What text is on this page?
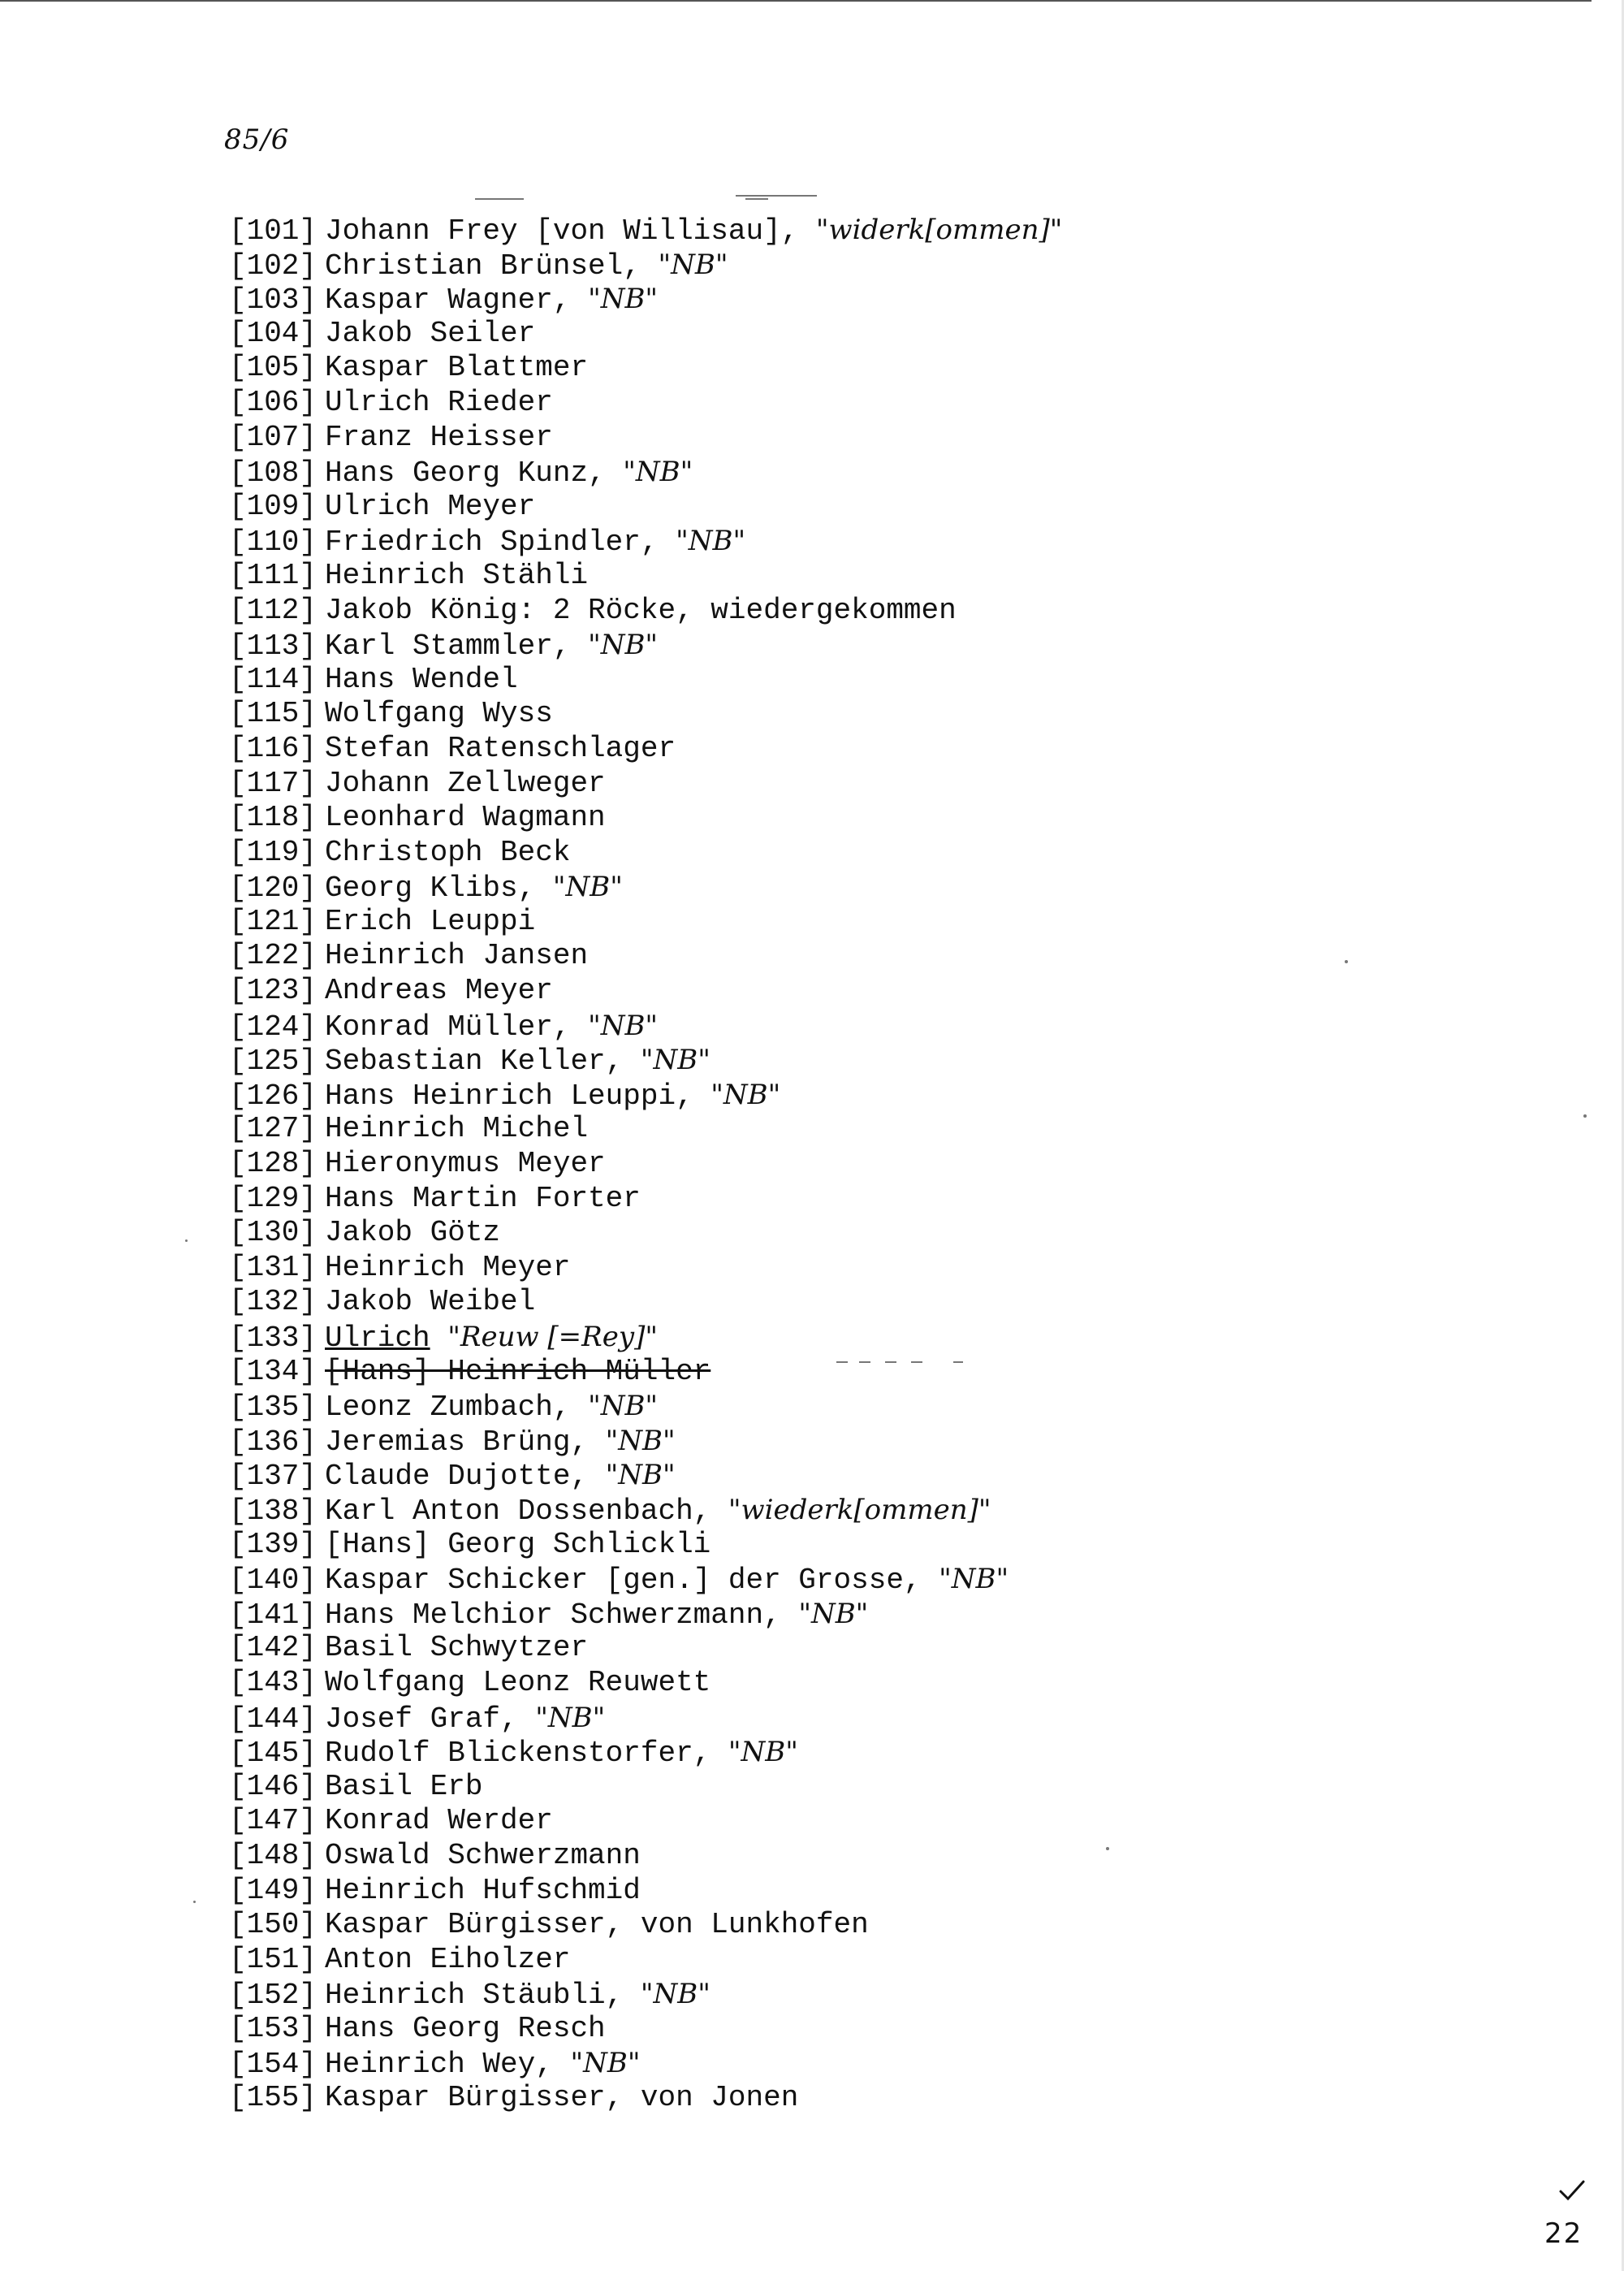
85/6
[101] Johann Frey [von Willisau], "widerk[ommen]"
[102] Christian Brünsel, "NB"
[103] Kaspar Wagner, "NB"
[104] Jakob Seiler
[105] Kaspar Blattmer
[106] Ulrich Rieder
[107] Franz Heisser
[108] Hans Georg Kunz, "NB"
[109] Ulrich Meyer
[110] Friedrich Spindler, "NB"
[111] Heinrich Stähli
[112] Jakob König: 2 Röcke, wiedergekommen
[113] Karl Stammler, "NB"
[114] Hans Wendel
[115] Wolfgang Wyss
[116] Stefan Ratenschlager
[117] Johann Zellweger
[118] Leonhard Wagmann
[119] Christoph Beck
[120] Georg Klibs, "NB"
[121] Erich Leuppi
[122] Heinrich Jansen
[123] Andreas Meyer
[124] Konrad Müller, "NB"
[125] Sebastian Keller, "NB"
[126] Hans Heinrich Leuppi, "NB"
[127] Heinrich Michel
[128] Hieronymus Meyer
[129] Hans Martin Forter
[130] Jakob Götz
[131] Heinrich Meyer
[132] Jakob Weibel
[133] Ulrich "Reuw [=Rey]"
[134] [Hans] Heinrich Müller
[135] Leonz Zumbach, "NB"
[136] Jeremias Brüng, "NB"
[137] Claude Dujotte, "NB"
[138] Karl Anton Dossenbach, "wiederk[ommen]"
[139] [Hans] Georg Schlickli
[140] Kaspar Schicker [gen.] der Grosse, "NB"
[141] Hans Melchior Schwerzmann, "NB"
[142] Basil Schwytzer
[143] Wolfgang Leonz Reuwett
[144] Josef Graf, "NB"
[145] Rudolf Blickenstorfer, "NB"
[146] Basil Erb
[147] Konrad Werder
[148] Oswald Schwerzmann
[149] Heinrich Hufschmid
[150] Kaspar Bürgisser, von Lunkhofen
[151] Anton Eiholzer
[152] Heinrich Stäubli, "NB"
[153] Hans Georg Resch
[154] Heinrich Wey, "NB"
[155] Kaspar Bürgisser, von Jonen
22
